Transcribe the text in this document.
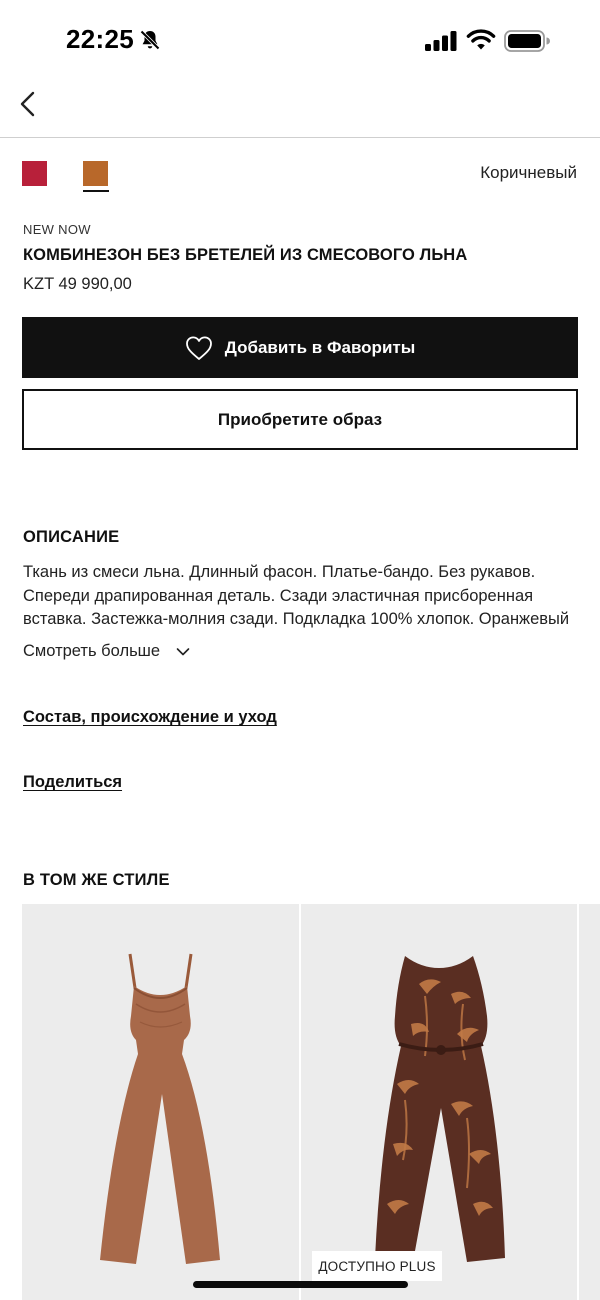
22:25
Коричневый
NEW NOW
КОМБИНЕЗОН БЕЗ БРЕТЕЛЕЙ ИЗ СМЕСОВОГО ЛЬНА
KZT 49 990,00
Добавить в Фавориты
Приобретите образ
ОПИСАНИЕ
Ткань из смеси льна. Длинный фасон. Платье-бандо. Без рукавов.
Спереди драпированная деталь. Сзади эластичная присборенная
вставка. Застежка-молния сзади. Подкладка 100% хлопок. Оранжевый
Смотреть больше
Состав, происхождение и уход
Поделиться
В ТОМ ЖЕ СТИЛЕ
ДОСТУПНО PLUS
